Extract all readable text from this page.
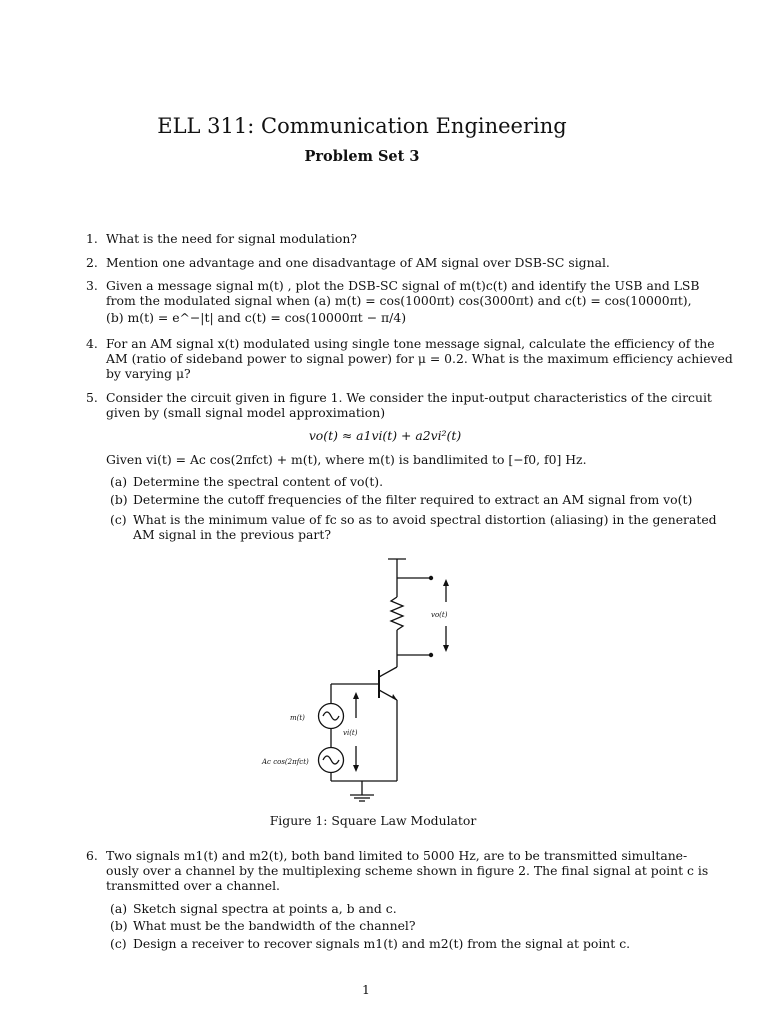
ELL 311: Communication Engineering
Problem Set 3
1. What is the need for signal modulation?
2. Mention one advantage and one disadvantage of AM signal over DSB-SC signal.
3. Given a message signal m(t) , plot the DSB-SC signal of m(t)c(t) and identify the USB and LSB
from the modulated signal when (a) m(t) = cos(1000πt) cos(3000πt) and c(t) = cos(10000πt),
(b) m(t) = e^−|t| and c(t) = cos(10000πt − π/4)
4. For an AM signal x(t) modulated using single tone message signal, calculate the efficiency of the
AM (ratio of sideband power to signal power) for μ = 0.2. What is the maximum efficiency achieved
by varying μ?
5. Consider the circuit given in figure 1. We consider the input-output characteristics of the circuit
given by (small signal model approximation)
vo(t) ≈ a1vi(t) + a2vi²(t)
Given vi(t) = Ac cos(2πfct) + m(t), where m(t) is bandlimited to [−f0, f0] Hz.
(a) Determine the spectral content of vo(t).
(b) Determine the cutoff frequencies of the filter required to extract an AM signal from vo(t)
(c) What is the minimum value of fc so as to avoid spectral distortion (aliasing) in the generated
AM signal in the previous part?
vo(t)
m(t)
vi(t)
Ac cos(2πfct)
Figure 1: Square Law Modulator
6. Two signals m1(t) and m2(t), both band limited to 5000 Hz, are to be transmitted simultane-
ously over a channel by the multiplexing scheme shown in figure 2. The final signal at point c is
transmitted over a channel.
(a) Sketch signal spectra at points a, b and c.
(b) What must be the bandwidth of the channel?
(c) Design a receiver to recover signals m1(t) and m2(t) from the signal at point c.
1
